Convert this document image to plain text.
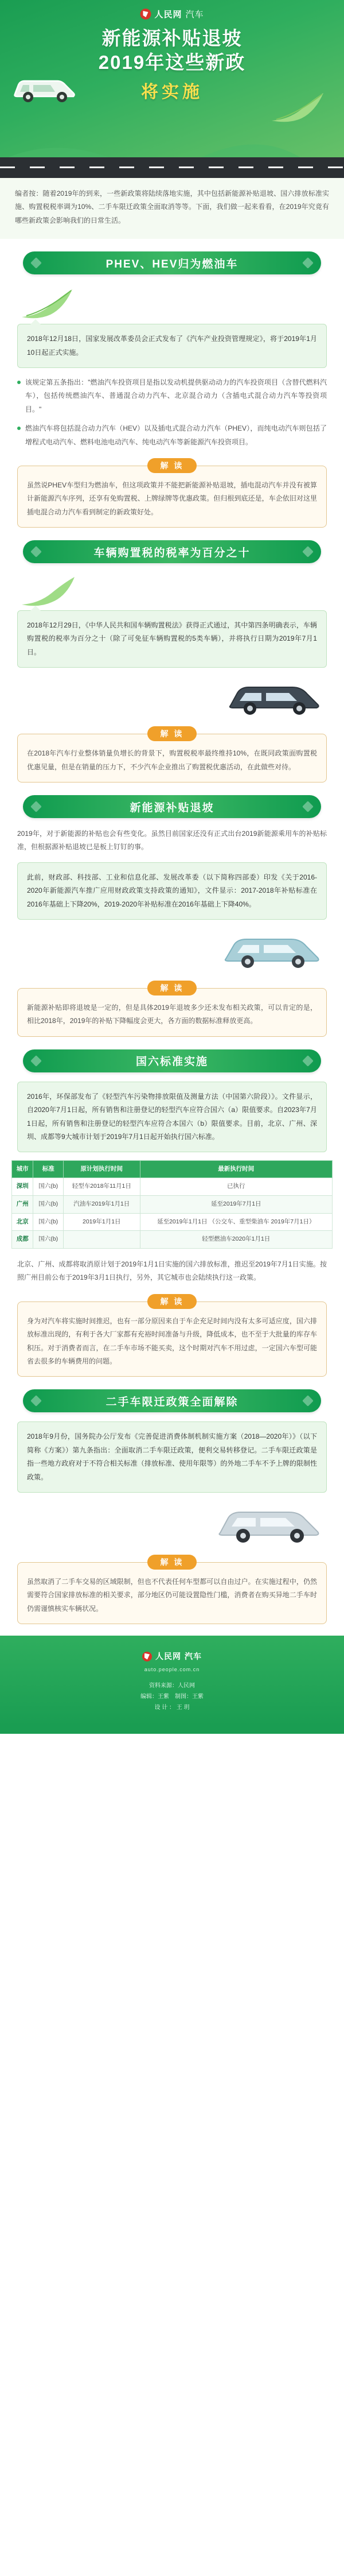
人民网 汽车
新能源补贴退坡
2019年这些新政
将实施
编者按：随着2019年的到来，一些新政策将陆续落地实施，其中包括新能源补贴退坡、国六排放标准实施、购置税税率调为10%、二手车限迁政策全面取消等等。下面，我们做一起来看看，在2019年究竟有哪些新政策会影响我们的日常生活。
PHEV、HEV归为燃油车
2018年12月18日，国家发展改革委员会正式发布了《汽车产业投资管理规定》，将于2019年1月10日起正式实施。
该规定第五条指出："燃油汽车投资项目是指以发动机提供驱动动力的汽车投资项目（含替代燃料汽车），包括传统燃油汽车、普通混合动力汽车、北京混合动力（含插电式混合动力汽车等投资项目。"
燃油汽车将包括混合动力汽车（HEV）以及插电式混合动力汽车（PHEV），而纯电动汽车则包括了增程式电动汽车、燃料电池电动汽车、纯电动汽车等新能源汽车投资项目。
解 读
虽然说PHEV车型归为燃油车，但这项政策并不能把新能源补贴退坡，插电混动汽车并没有被算计新能源汽车序列，还享有免购置税、上牌绿牌等优惠政策。但归根到底还是，车企依旧对这里插电混合动力汽车看到制定的新政策好处。
车辆购置税的税率为百分之十
2018年12月29日，《中华人民共和国车辆购置税法》获得正式通过，其中第四条明确表示，车辆购置税的税率为百分之十（除了可免征车辆购置税的5类车辆），并将执行日期为2019年7月1日。
解 读
在2018年汽车行业整体销量负增长的背景下，购置税税率最终维持10%，在既同政策面购置税优惠见量，但是在销量的压力下，不少汽车企业推出了购置税优惠活动，在此做些对待。
新能源补贴退坡
2019年，对于新能源的补贴也会有些变化。虽然目前国家还没有正式出台2019新能源乘用车的补贴标准，但根据源补贴退坡已是板上钉钉的事。
此前，财政部、科技部、工业和信息化部、发展改革委（以下简称四部委）印发《关于2016-2020年新能源汽车推广应用财政政策支持政策的通知》，文件显示：2017-2018年补贴标准在2016年基础上下降20%，2019-2020年补贴标准在2016年基础上下降40%。
解 读
新能源补贴即将退坡是一定的，但是具体2019年退坡多少还未发布相关政策，可以肯定的是，相比2018年，2019年的补贴下降幅度会更大，各方面的数据标准释放更高。
国六标准实施
2016年，环保部发布了《轻型汽车污染物排放限值及测量方法（中国第六阶段）》。文件显示，自2020年7月1日起，所有销售和注册登记的轻型汽车应符合国六（a）限值要求。自2023年7月1日起，所有销售和注册登记的轻型汽车应符合本国六（b）限值要求。目前，北京、广州、深圳、成都等9大城市计划于2019年7月1日起开始执行国六标准。
城市	标准	原计划执行时间	最新执行时间
深圳	国六(b)	轻型车2018年11月1日	已执行
广州	国六(b)	汽油车2019年1月1日	延至2019年7月1日
北京	国六(b)	2019年1月1日	延至2019年1月1日 （公交车、重型柴油车 2019年7月1日）
成都	国六(b)		轻型燃油车2020年1月1日
北京、广州、成都将取消原计划于2019年1月1日实施的国六排放标准，推迟至2019年7月1日实施。按照广州目前公布于2019年3月1日执行，另外，其它城市也会陆续执行这一政策。
解 读
身为对汽车将实施时间推迟，也有一部分原因来自于车企充足时间内没有太多可适应度，国六排放标准出现的，有利于各大厂家都有充裕时间准备与升级，降低成本，也不至于大批量的库存车积压。对于消费者而言，在二手车市场不能买卖，这个时期对汽车不用过虑，一定国六车型可能省去很多的车辆费用的问题。
二手车限迁政策全面解除
2018年9月份，国务院办公厅发布《完善促进消费体制机制实施方案（2018—2020年）》（以下简称《方案》）第九条指出：全面取消二手车限迁政策，便利交易转移登记。二手车限迁政策是指一些地方政府对于不符合相关标准（排放标准、使用年限等）的外地二手车不予上牌的限制性政策。
解 读
虽然取消了二手车交易的区域限制，但也不代表任何车型都可以自由过户。在实施过程中，仍然需要符合国家排放标准的相关要求，部分地区仍可能设置隐性门槛，消费者在购买异地二手车时仍需谨慎核实车辆状况。
人民网 汽车
auto.people.com.cn
资料来源：人民网
编辑：王紫　制图：王紫
设 计 ： 王 玥
